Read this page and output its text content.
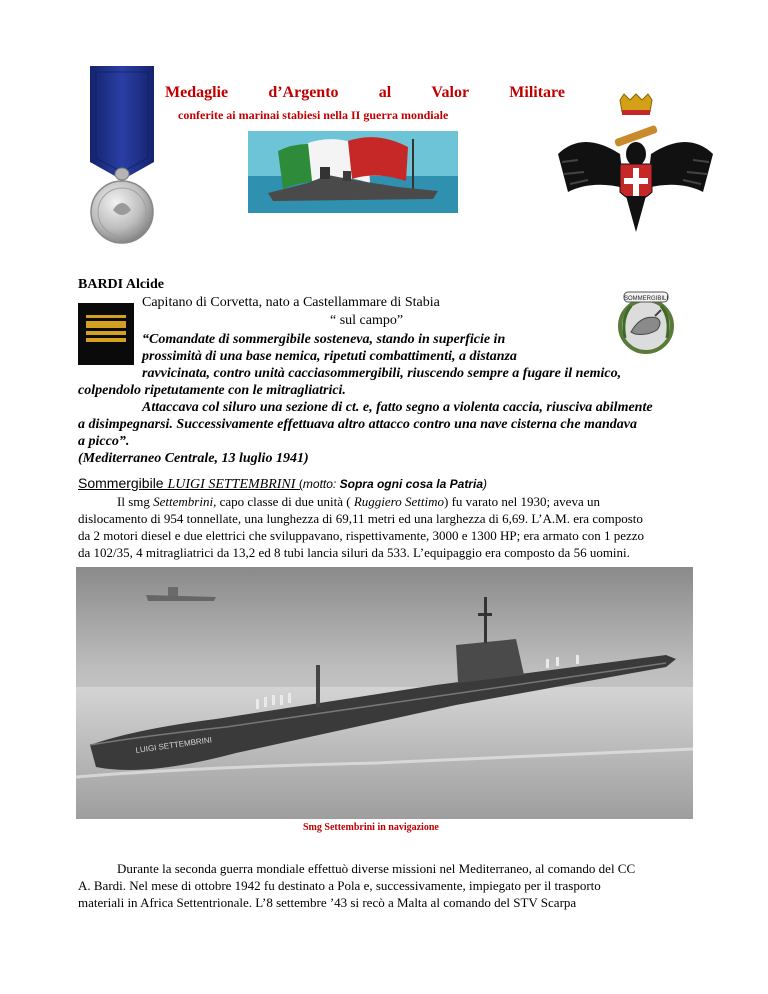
Medaglie	d’Argento	al	Valor	Militare
conferite ai marinai stabiesi nella II guerra mondiale
BARDI Alcide
Capitano di Corvetta, nato a Castellammare di Stabia
“ sul campo”
SOMMERGIBILI
“Comandate di sommergibile sosteneva, stando in superficie in
prossimità di una base nemica, ripetuti combattimenti, a distanza
ravvicinata, contro unità cacciasommergibili, riuscendo sempre a fugare il nemico,
colpendolo ripetutamente con le mitragliatrici.
Attaccava col siluro una sezione di ct. e, fatto segno a violenta caccia, riusciva abilmente
a disimpegnarsi. Successivamente effettuava altro attacco contro una nave cisterna che mandava
a picco”.
(Mediterraneo Centrale, 13 luglio 1941)
Sommergibile LUIGI SETTEMBRINI (motto: Sopra ogni cosa la Patria)
Il smg Settembrini, capo classe di due unità ( Ruggiero Settimo) fu varato nel 1930; aveva un
dislocamento di 954 tonnellate, una lunghezza di 69,11 metri ed una larghezza di 6,69. L’A.M. era composto
da 2 motori diesel e due elettrici che sviluppavano, rispettivamente, 3000 e 1300 HP; era armato con 1 pezzo
da 102/35, 4 mitragliatrici da 13,2 ed 8 tubi lancia siluri da 533. L’equipaggio era composto da 56 uomini.
LUIGI SETTEMBRINI
Smg Settembrini in navigazione
Durante la seconda guerra mondiale effettuò diverse missioni nel Mediterraneo, al comando del CC
A. Bardi. Nel mese di ottobre 1942 fu destinato a Pola e, successivamente, impiegato per il trasporto
materiali in Africa Settentrionale. L’8 settembre ’43 si recò a Malta al comando del STV Scarpa
